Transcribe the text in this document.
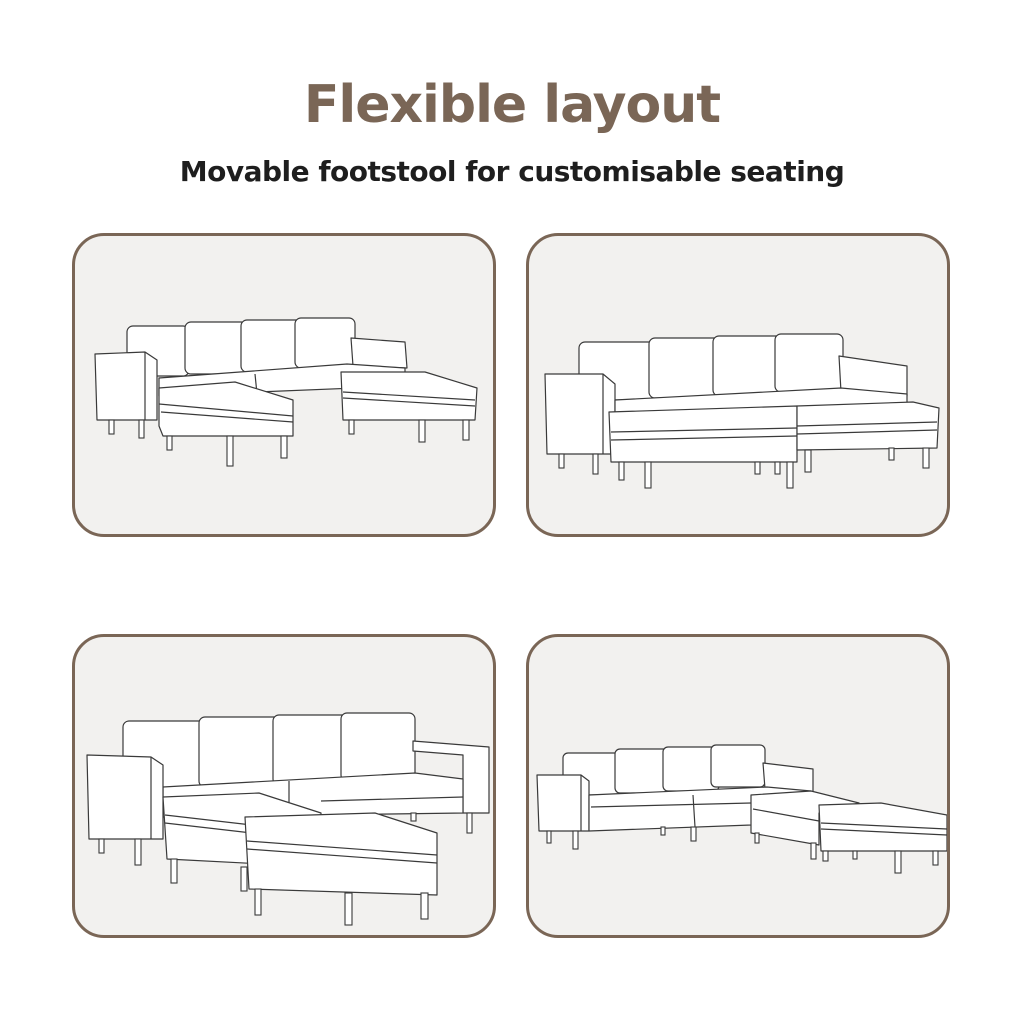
Flexible layout
Movable footstool for customisable seating
